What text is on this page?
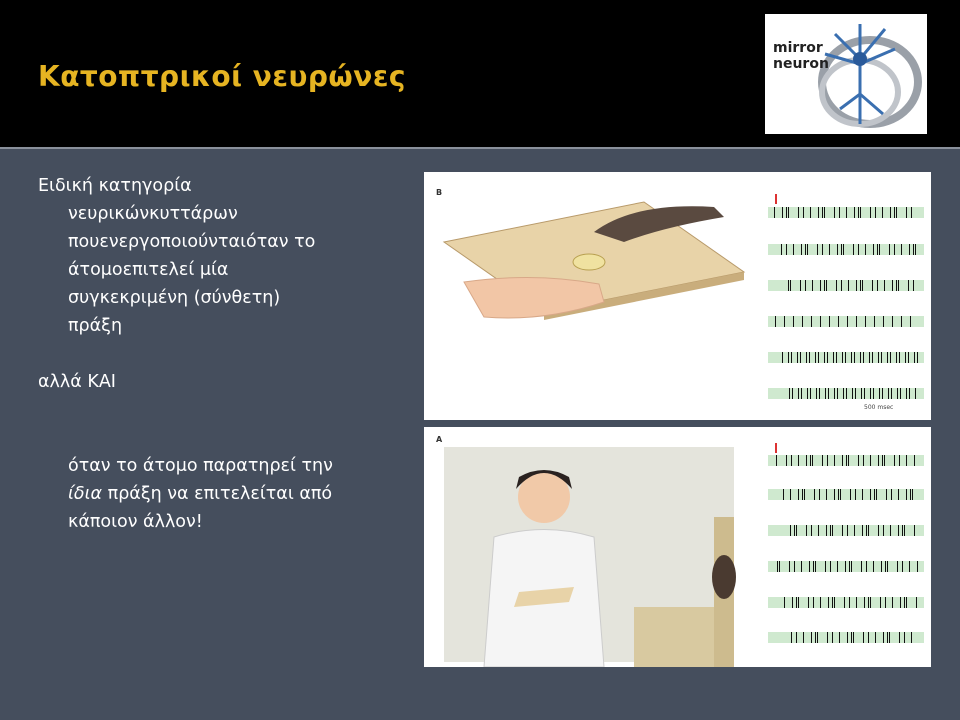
Κατοπτρικοί νευρώνες
mirror
neuron

Ειδική κατηγορία

νευρικώνκυττάρων

πουενεργοποιούνταιόταν το

άτομοεπιτελεί μία

συγκεκριμένη (σύνθετη)

πράξη

αλλά ΚΑΙ

όταν το άτομο παρατηρεί την

ίδια πράξη να επιτελείται από

κάποιον άλλον!

B
500 msec
A
